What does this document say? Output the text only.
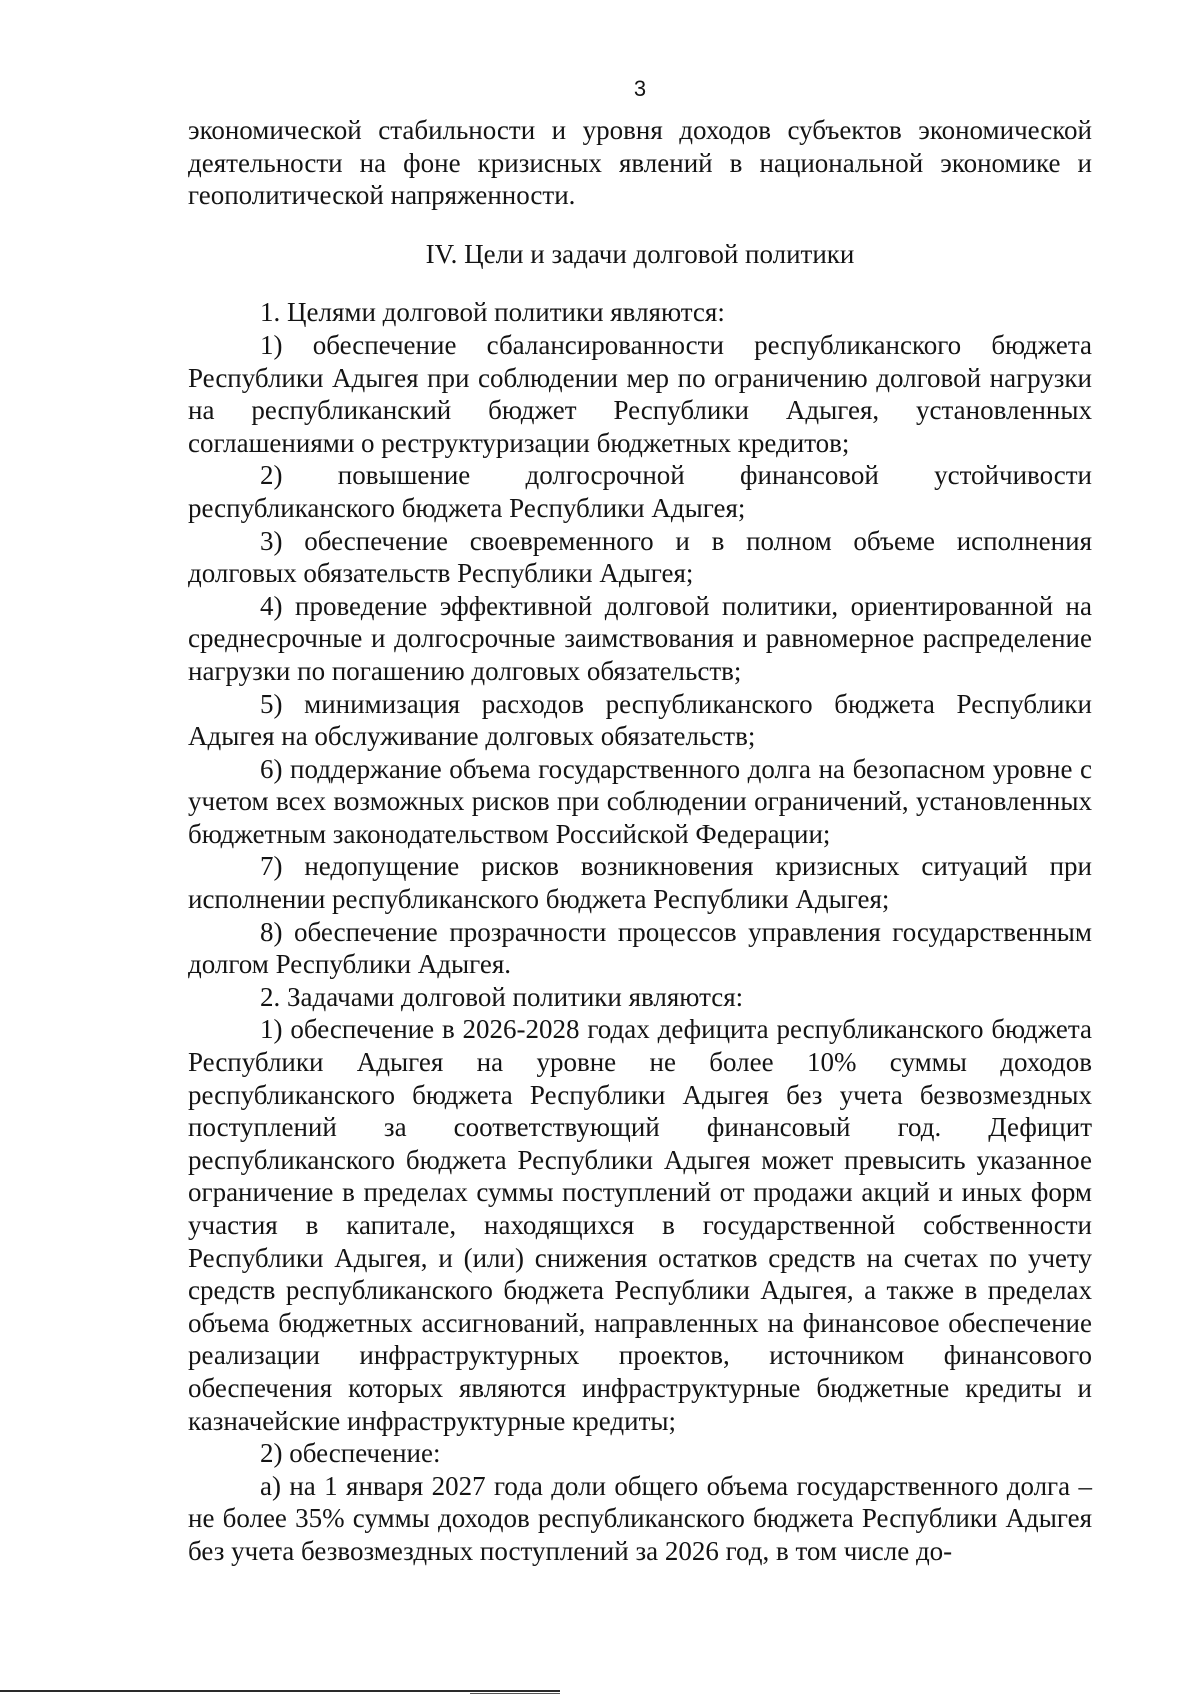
3

экономической стабильности и уровня доходов субъектов экономической деятельности на фоне кризисных явлений в национальной экономике и геополитической напряженности.

IV. Цели и задачи долговой политики

1. Целями долговой политики являются:

1) обеспечение сбалансированности республиканского бюджета Республики Адыгея при соблюдении мер по ограничению долговой нагрузки на республиканский бюджет Республики Адыгея, установленных соглашениями о реструктуризации бюджетных кредитов;

2) повышение долгосрочной финансовой устойчивости республиканского бюджета Республики Адыгея;

3) обеспечение своевременного и в полном объеме исполнения долговых обязательств Республики Адыгея;

4) проведение эффективной долговой политики, ориентированной на среднесрочные и долгосрочные заимствования и равномерное распределение нагрузки по погашению долговых обязательств;

5) минимизация расходов республиканского бюджета Республики Адыгея на обслуживание долговых обязательств;

6) поддержание объема государственного долга на безопасном уровне с учетом всех возможных рисков при соблюдении ограничений, установленных бюджетным законодательством Российской Федерации;

7) недопущение рисков возникновения кризисных ситуаций при исполнении республиканского бюджета Республики Адыгея;

8) обеспечение прозрачности процессов управления государственным долгом Республики Адыгея.

2. Задачами долговой политики являются:

1) обеспечение в 2026-2028 годах дефицита республиканского бюджета Республики Адыгея на уровне не более 10% суммы доходов республиканского бюджета Республики Адыгея без учета безвозмездных поступлений за соответствующий финансовый год. Дефицит республиканского бюджета Республики Адыгея может превысить указанное ограничение в пределах суммы поступлений от продажи акций и иных форм участия в капитале, находящихся в государственной собственности Республики Адыгея, и (или) снижения остатков средств на счетах по учету средств республиканского бюджета Республики Адыгея, а также в пределах объема бюджетных ассигнований, направленных на финансовое обеспечение реализации инфраструктурных проектов, источником финансового обеспечения которых являются инфраструктурные бюджетные кредиты и казначейские инфраструктурные кредиты;

2) обеспечение:

а) на 1 января 2027 года доли общего объема государственного долга – не более 35% суммы доходов республиканского бюджета Республики Адыгея без учета безвозмездных поступлений за 2026 год, в том числе до-
